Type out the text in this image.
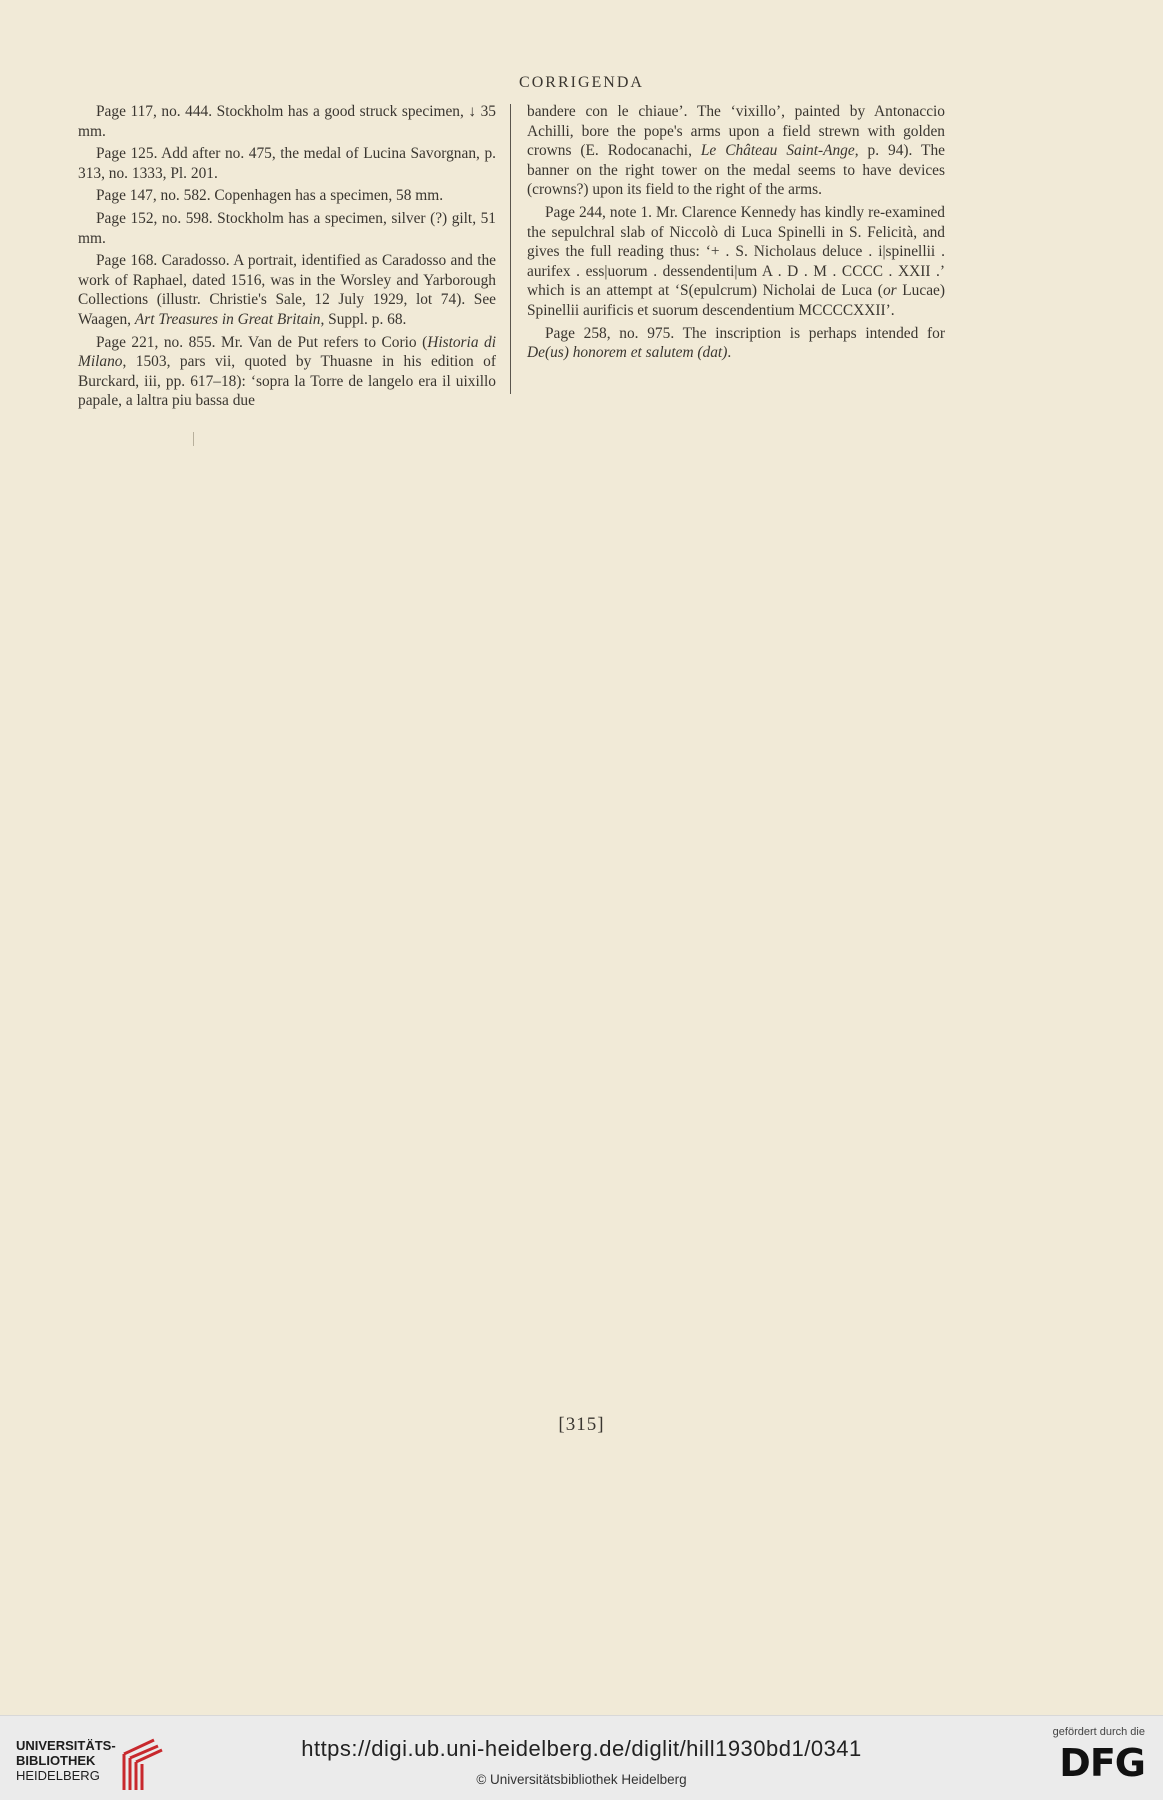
CORRIGENDA

Page 117, no. 444. Stockholm has a good struck specimen, ↓ 35 mm.

Page 125. Add after no. 475, the medal of Lucina Savorgnan, p. 313, no. 1333, Pl. 201.

Page 147, no. 582. Copenhagen has a specimen, 58 mm.

Page 152, no. 598. Stockholm has a specimen, silver (?) gilt, 51 mm.

Page 168. Caradosso. A portrait, identified as Caradosso and the work of Raphael, dated 1516, was in the Worsley and Yarborough Collections (illustr. Christie's Sale, 12 July 1929, lot 74). See Waagen, Art Treasures in Great Britain, Suppl. p. 68.

Page 221, no. 855. Mr. Van de Put refers to Corio (Historia di Milano, 1503, pars vii, quoted by Thuasne in his edition of Burckard, iii, pp. 617–18): ‘sopra la Torre de langelo era il uixillo papale, a laltra piu bassa due

bandere con le chiaue’. The ‘vixillo’, painted by Antonaccio Achilli, bore the pope's arms upon a field strewn with golden crowns (E. Rodocanachi, Le Château Saint-Ange, p. 94). The banner on the right tower on the medal seems to have devices (crowns?) upon its field to the right of the arms.

Page 244, note 1. Mr. Clarence Kennedy has kindly re-examined the sepulchral slab of Niccolò di Luca Spinelli in S. Felicità, and gives the full reading thus: ‘+ . S. Nicholaus deluce . i|spinellii . aurifex . ess|uorum . dessendenti|um A . D . M . CCCC . XXII .’ which is an attempt at ‘S(epulcrum) Nicholai de Luca (or Lucae) Spinellii aurificis et suorum descendentium MCCCCXXII’.

Page 258, no. 975. The inscription is perhaps intended for De(us) honorem et salutem (dat).

[315]
UNIVERSITÄTS-
BIBLIOTHEK
HEIDELBERG
https://digi.ub.uni-heidelberg.de/diglit/hill1930bd1/0341
© Universitätsbibliothek Heidelberg
gefördert durch die
DFG
